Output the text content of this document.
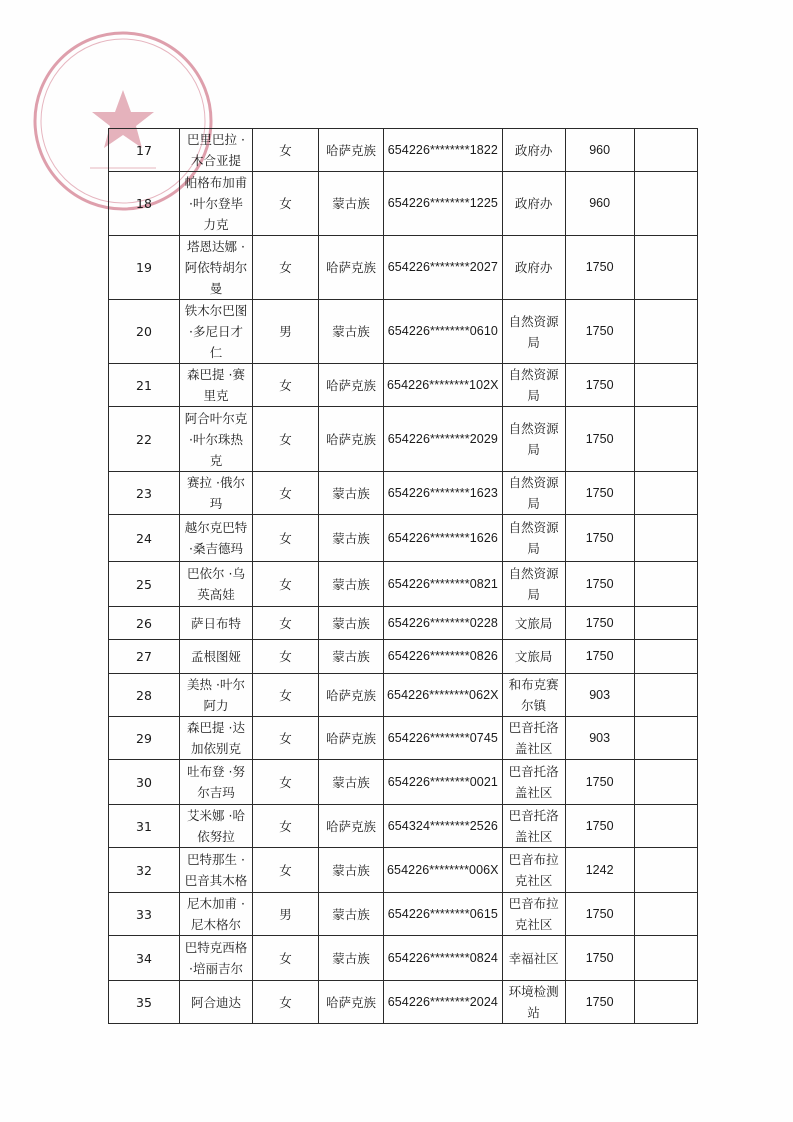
17	巴里巴拉 ·木合亚提	女	哈萨克族	654226********1822	政府办	960	
18	帕格布加甫 ·叶尔登毕力克	女	蒙古族	654226********1225	政府办	960	
19	塔恩达娜 ·阿依特胡尔曼	女	哈萨克族	654226********2027	政府办	1750	
20	铁木尔巴图 ·多尼日才仁	男	蒙古族	654226********0610	自然资源局	1750	
21	森巴提 ·赛里克	女	哈萨克族	654226********102X	自然资源局	1750	
22	阿合叶尔克 ·叶尔珠热克	女	哈萨克族	654226********2029	自然资源局	1750	
23	赛拉 ·俄尔玛	女	蒙古族	654226********1623	自然资源局	1750	
24	越尔克巴特 ·桑吉德玛	女	蒙古族	654226********1626	自然资源局	1750	
25	巴依尔 ·乌英高娃	女	蒙古族	654226********0821	自然资源局	1750	
26	萨日布特	女	蒙古族	654226********0228	文旅局	1750	
27	孟根图娅	女	蒙古族	654226********0826	文旅局	1750	
28	美热 ·叶尔阿力	女	哈萨克族	654226********062X	和布克赛尔镇	903	
29	森巴提 ·达加依别克	女	哈萨克族	654226********0745	巴音托洛盖社区	903	
30	吐布登 ·努尔吉玛	女	蒙古族	654226********0021	巴音托洛盖社区	1750	
31	艾米娜 ·哈依努拉	女	哈萨克族	654324********2526	巴音托洛盖社区	1750	
32	巴特那生 ·巴音其木格	女	蒙古族	654226********006X	巴音布拉克社区	1242	
33	尼木加甫 ·尼木格尔	男	蒙古族	654226********0615	巴音布拉克社区	1750	
34	巴特克西格 ·培丽吉尔	女	蒙古族	654226********0824	幸福社区	1750	
35	阿合迪达	女	哈萨克族	654226********2024	环境检测站	1750	
